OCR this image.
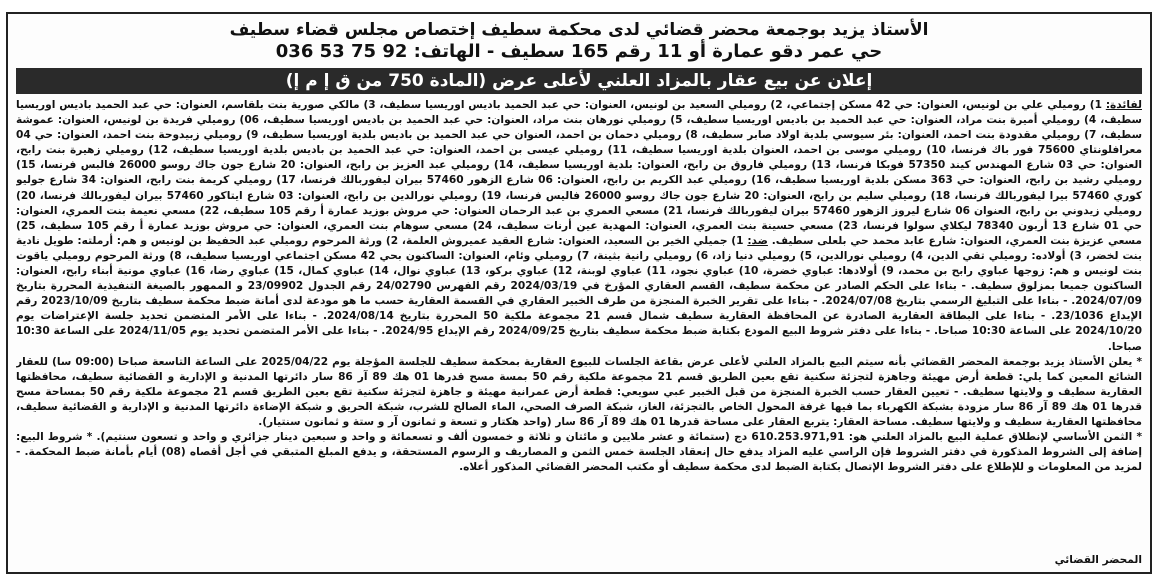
الأستاذ يزيد بوجمعة محضر قضائي لدى محكمة سطيف إختصاص مجلس قضاء سطيف
حي عمر دقو عمارة أو 11 رقم 165 سطيف - الهاتف: 92 75 53 036
إعلان عن بيع عقار بالمزاد العلني لأعلى عرض (المادة 750 من ق إ م إ)

لفائدة: 1) روميلي علي بن لونيس، العنوان: حي 42 مسكن إجتماعي، 2) روميلي السعيد بن لونيس، العنوان: حي عبد الحميد باديس اوريسيا سطيف، 3) مالكي صورية بنت بلقاسم، العنوان: حي عبد الحميد باديس اوريسيا سطيف، 4) روميلي أميرة بنت مراد، العنوان: حي عبد الحميد بن باديس اوريسيا سطيف، 5) روميلي نورهان بنت مراد، العنوان: حي عبد الحميد بن باديس اوريسيا سطيف، 06) روميلي فريدة بن لونيس، العنوان: عموشة سطيف، 7) روميلي مقدودة بنت احمد، العنوان: بئر سيوسي بلدية اولاد صابر سطيف، 8) روميلي دحمان بن احمد، العنوان حي عبد الحميد بن باديس بلدية اوريسيا سطيف، 9) روميلي زبيدوحة بنت احمد، العنوان: حي 04 معرافلونتاي 75600 فور باك فرنسا، 10) روميلي موسى بن احمد، العنوان بلدية اوريسيا سطيف، 11) روميلي عيسى بن احمد، العنوان: حي عبد الحميد بن باديس بلدية اوريسيا سطيف، 12) روميلي زهيرة بنت رابح، العنوان: حي 03 شارع المهندس كيند 57350 فوبكا فرنسا، 13) روميلي فاروق بن رابح، العنوان: بلدية اوريسيا سطيف، 14) روميلي عبد العزيز بن رابح، العنوان: 20 شارع جون جاك روسو 26000 فالبس فرنسا، 15) روميلي رشيد بن رابح، العنوان: حي 363 مسكن بلدية اوريسيا سطيف، 16) روميلي عبد الكريم بن رابح، العنوان: 06 شارع الزهور 57460 بيران ليفوربالك فرنسا، 17) روميلي كريمة بنت رابح، العنوان: 34 شارع جوليو كوري 57460 بيرا ليفوربالك فرنسا، 18) روميلي سليم بن رابح، العنوان: 20 شارع جون جاك روسو 26000 فاليس فرنسا، 19) روميلي نورالدين بن رابح، العنوان: 03 شارع ايتاكور 57460 بيران ليفوربالك فرنسا، 20) روميلي زيدوني بن رابح، العنوان 06 شارع ليروز الزهور 57460 بيران ليفوربالك فرنسا، 21) مسعي العمري بن عبد الرحمان العنوان: حي مروش بوزيد عمارة أ رقم 105 سطيف، 22) مسعي نعيمة بنت العمري، العنوان: حي 01 شارع 13 أربون 78340 ليكلاي سولوا فرنسا، 23) مسعي حسينة بنت العمري، العنوان: المهدية عين أرنات سطيف، 24) مسعي سوهام بنت العمري، العنوان: حي مروش بوزيد عمارة أ رقم 105 سطيف، 25) مسعي عزيزة بنت العمري، العنوان: شارع عابد محمد حي بلعلى سطيف. ضد: 1) جميلي الخير بن السعيد، العنوان: شارع العقيد عميروش العلمة، 2) ورثة المرحوم روميلي عبد الحفيظ بن لونيس و هم: أرملته: طويل نادية بنت لخضر، 3) أولاده: روميلي تقي الدين، 4) روميلي نورالدين، 5) روميلي دنيا زاد، 6) روميلي رانية بثينة، 7) روميلي وئام، العنوان: الساكنون بحي 42 مسكن اجتماعي اوريسيا سطيف، 8) ورثة المرحوم روميلي ياقوت بنت لونيس و هم: زوجها عباوي رابح بن محمد، 9) أولادها: عباوي خضرة، 10) عباوي نجود، 11) عباوي لوبنة، 12) عباوي بركو، 13) عباوي نوال، 14) عباوي كمال، 15) عباوي رضا، 16) عباوي مونية أبناء رابح، العنوان: الساكنون جميعا بمزلوق سطيف. - بناءا على الحكم الصادر عن محكمة سطيف، القسم العقاري المؤرخ في 2024/03/19 رقم الفهرس 24/02790 رقم الجدول 23/09902 و الممهور بالصيغة التنفيذية المحررة بتاريخ 2024/07/09. - بناءا على التبليغ الرسمي بتاريخ 2024/07/08. - بناءا على تقرير الخبرة المنجزة من طرف الخبير العقاري في القسمة العقارية حسب ما هو مودعة لدى أمانة ضبط محكمة سطيف بتاريخ 2023/10/09 رقم الإيداع 23/1036. - بناءا على البطاقة العقارية الصادرة عن المحافظة العقارية سطيف شمال قسم 21 مجموعة ملكية 50 المحررة بتاريخ 2024/08/14. - بناءا على الأمر المتضمن تحديد جلسة الإعتراضات يوم 2024/10/20 على الساعة 10:30 صباحا. - بناءا على دفتر شروط البيع المودع بكتابة ضبط محكمة سطيف بتاريخ 2024/09/25 رقم الإيداع 2024/95. - بناءا على الأمر المتضمن تحديد يوم 2024/11/05 على الساعة 10:30 صباحا.

* يعلن الأستاذ يزيد بوجمعة المحضر القضائي بأنه سيتم البيع بالمزاد العلني لأعلى عرض بقاعة الجلسات للبيوع العقارية بمحكمة سطيف للجلسة المؤجلة يوم 2025/04/22 على الساعة التاسعة صباحا (09:00 سا) للعقار الشائع المعين كما يلي: قطعة أرض مهيئة وجاهزة لتجزئة سكنية تقع بعين الطريق قسم 21 مجموعة ملكية رقم 50 بمسة مسح قدرها 01 هك 89 آر 86 سار دائرتها المدنية و الإدارية و القضائية سطيف، محافظتها العقارية سطيف و ولايتها سطيف. - تعيين العقار حسب الخبرة المنجزة من قبل الخبير عبي سويعي: قطعة أرض عمرانية مهيئة و جاهزة لتجزئة سكنية تقع بعين الطريق قسم 21 مجموعة ملكية رقم 50 بمساحة مسح قدرها 01 هك 89 آر 86 سار مزودة بشبكة الكهرباء بما فيها غرفة المحول الخاص بالتجزئة، الغاز، شبكة الصرف الصحي، الماء الصالح للشرب، شبكة الحريق و شبكة الإضاءة دائرتها المدنية و الإدارية و القضائية سطيف، محافظتها العقارية سطيف و ولايتها سطيف. مساحة العقار: يتربع العقار على مساحة قدرها 01 هك 89 آر 86 سار (واحد هكتار و تسعة و ثمانون آر و ستة و ثمانون سنتيار).

* الثمن الأساسي لإنطلاق عملية البيع بالمزاد العلني هو: 610.253.971,91 دج (ستمائة و عشر ملايين و مائتان و ثلاثة و خمسون ألف و تسعمائة و واحد و سبعين دينار جزائري و واحد و تسعون سنتيم). * شروط البيع: إضافة إلى الشروط المذكورة في دفتر الشروط فإن الراسي عليه المزاد يدفع حال إنعقاد الجلسة خمس الثمن و المصاريف و الرسوم المستحقة، و يدفع المبلغ المتبقي في أجل أقصاه (08) أيام بأمانة ضبط المحكمة. - لمزيد من المعلومات و للإطلاع على دفتر الشروط الإتصال بكتابة الضبط لدى محكمة سطيف أو مكتب المحضر القضائي المذكور أعلاه.

المحضر القضائي
